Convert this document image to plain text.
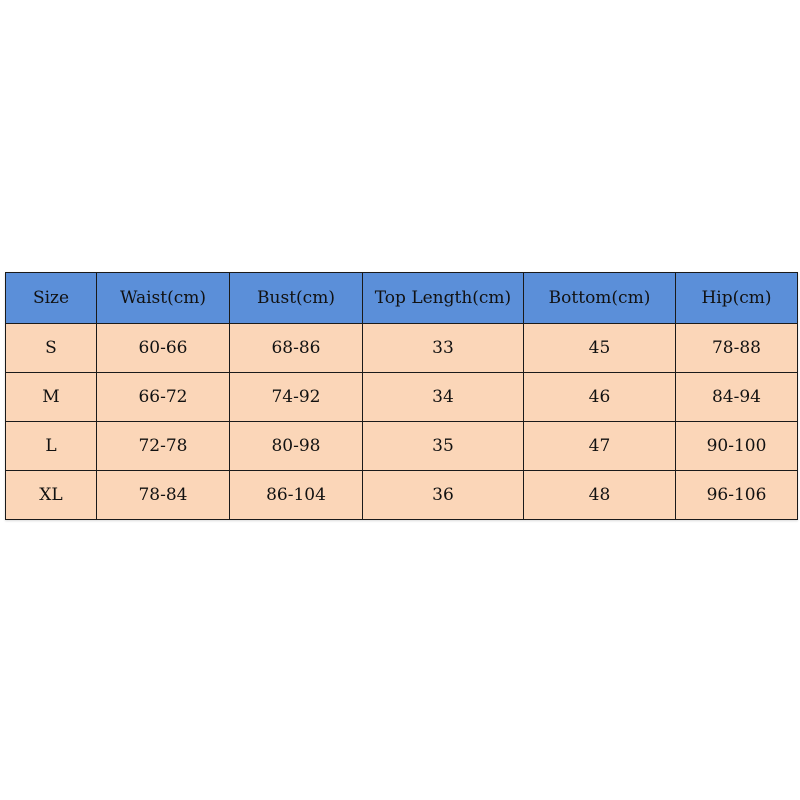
Size	Waist(cm)	Bust(cm)	Top Length(cm)	Bottom(cm)	Hip(cm)
S	60-66	68-86	33	45	78-88
M	66-72	74-92	34	46	84-94
L	72-78	80-98	35	47	90-100
XL	78-84	86-104	36	48	96-106
